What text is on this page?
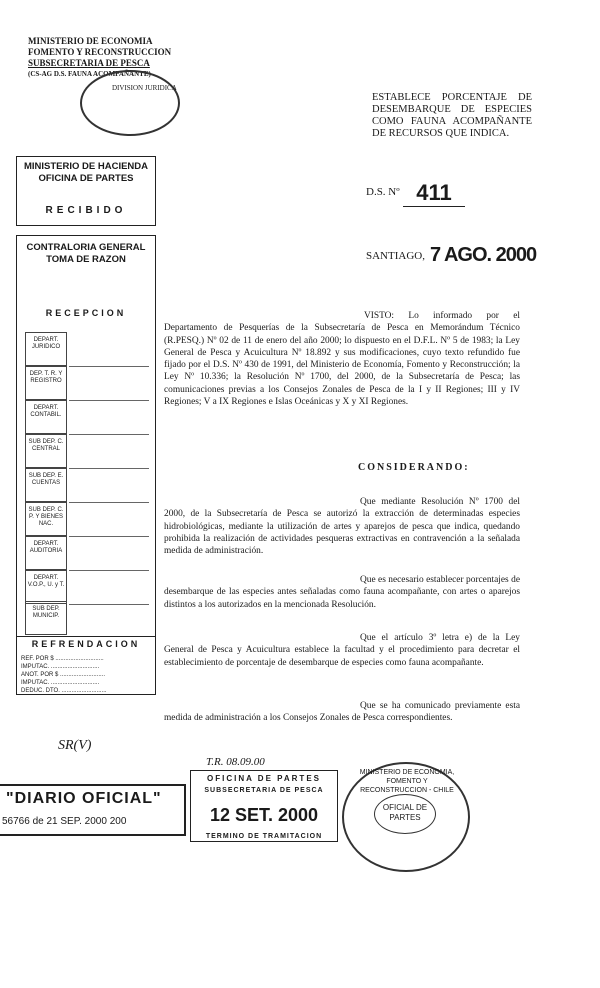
MINISTERIO DE ECONOMIA
FOMENTO Y RECONSTRUCCION
SUBSECRETARIA DE PESCA
(CS-AG D.S. FAUNA ACOMPAÑANTE)
DIVISION JURIDICA
ESTABLECE PORCENTAJE DE DESEMBARQUE DE ESPECIES COMO FAUNA ACOMPAÑANTE DE RECURSOS QUE INDICA.
MINISTERIO DE HACIENDA
OFICINA DE PARTES
RECIBIDO
CONTRALORIA GENERAL
TOMA DE RAZON
RECEPCION
DEPART. JURIDICO
DEP. T. R. Y REGISTRO
DEPART. CONTABIL.
SUB DEP. C. CENTRAL
SUB DEP. E. CUENTAS
SUB DEP. C. P. Y BIENES NAC.
DEPART. AUDITORIA
DEPART. V.O.P., U. y T.
SUB DEP. MUNICIP.
REFRENDACION
REF. POR $ .............................
IMPUTAC. .............................
ANOT. POR $ ...........................
IMPUTAC. .............................
DEDUC. DTO. ...........................
D.S. Nº 411
SANTIAGO, 7 AGO. 2000
VISTO: Lo informado por el Departamento de Pesquerías de la Subsecretaría de Pesca en Memorándum Técnico (R.PESQ.) Nº 02 de 11 de enero del año 2000; lo dispuesto en el D.F.L. Nº 5 de 1983; la Ley General de Pesca y Acuicultura Nº 18.892 y sus modificaciones, cuyo texto refundido fue fijado por el D.S. Nº 430 de 1991, del Ministerio de Economía, Fomento y Reconstrucción; la Ley Nº 10.336; la Resolución Nº 1700, del 2000, de la Subsecretaría de Pesca; las comunicaciones previas a los Consejos Zonales de Pesca de la I y II Regiones; III y IV Regiones; V a IX Regiones e Islas Oceánicas y X y XI Regiones.
CONSIDERANDO:
Que mediante Resolución Nº 1700 del 2000, de la Subsecretaría de Pesca se autorizó la extracción de determinadas especies hidrobiológicas, mediante la utilización de artes y aparejos de pesca que indica, quedando prohibida la realización de actividades pesqueras extractivas en contravención a la señalada medida de administración.
Que es necesario establecer porcentajes de desembarque de las especies antes señaladas como fauna acompañante, con artes o aparejos distintos a los autorizados en la mencionada Resolución.
Que el artículo 3º letra e) de la Ley General de Pesca y Acuicultura establece la facultad y el procedimiento para decretar el establecimiento de porcentaje de desembarque de especies como fauna acompañante.
Que se ha comunicado previamente esta medida de administración a los Consejos Zonales de Pesca correspondientes.
SR(V)
"DIARIO OFICIAL"
56766 de 21 SEP. 2000 200
T.R. 08.09.00
OFICINA DE PARTES
SUBSECRETARIA DE PESCA
12 SET. 2000
TERMINO DE TRAMITACION
MINISTERIO DE ECONOMIA, FOMENTO Y RECONSTRUCCION - CHILE
OFICIAL DE PARTES
